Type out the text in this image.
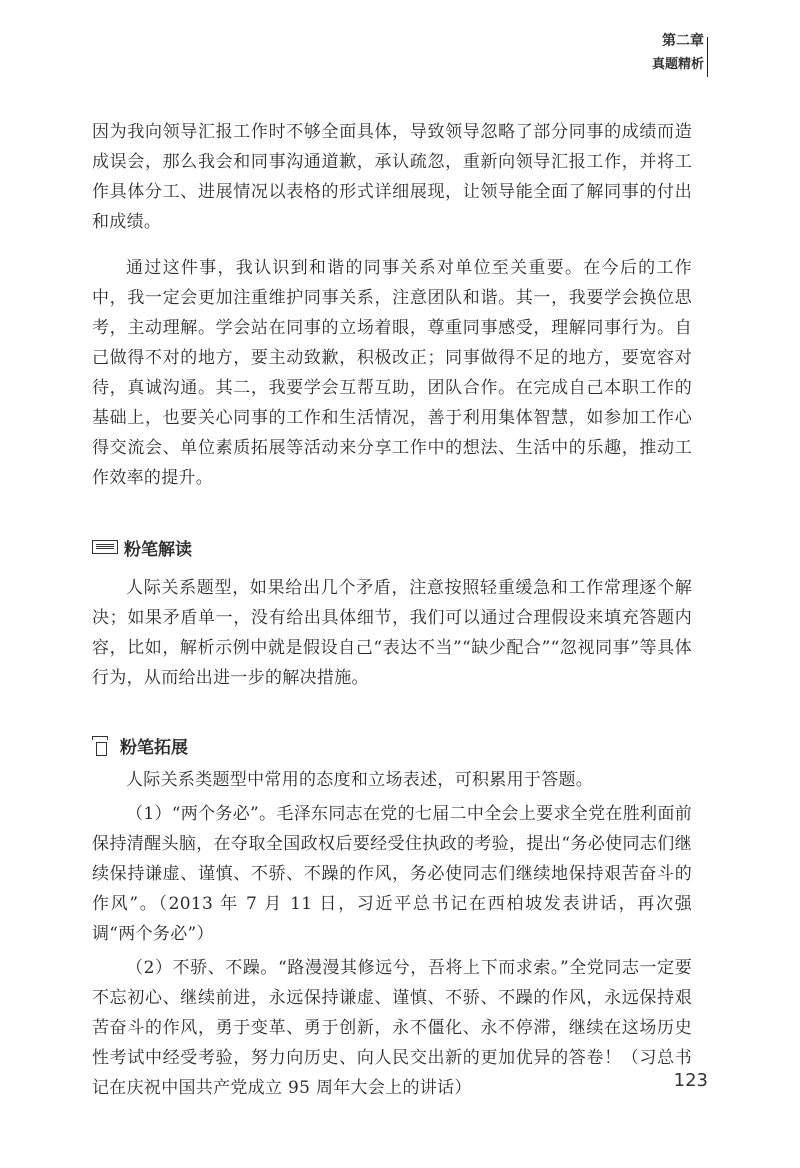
第二章
真题精析

因为我向领导汇报工作时不够全面具体，导致领导忽略了部分同事的成绩而造成误会，那么我会和同事沟通道歉，承认疏忽，重新向领导汇报工作，并将工作具体分工、进展情况以表格的形式详细展现，让领导能全面了解同事的付出和成绩。

通过这件事，我认识到和谐的同事关系对单位至关重要。在今后的工作中，我一定会更加注重维护同事关系，注意团队和谐。其一，我要学会换位思考，主动理解。学会站在同事的立场着眼，尊重同事感受，理解同事行为。自己做得不对的地方，要主动致歉，积极改正；同事做得不足的地方，要宽容对待，真诚沟通。其二，我要学会互帮互助，团队合作。在完成自己本职工作的基础上，也要关心同事的工作和生活情况，善于利用集体智慧，如参加工作心得交流会、单位素质拓展等活动来分享工作中的想法、生活中的乐趣，推动工作效率的提升。

粉笔解读

人际关系题型，如果给出几个矛盾，注意按照轻重缓急和工作常理逐个解决；如果矛盾单一，没有给出具体细节，我们可以通过合理假设来填充答题内容，比如，解析示例中就是假设自己“表达不当”“缺少配合”“忽视同事”等具体行为，从而给出进一步的解决措施。

粉笔拓展

人际关系类题型中常用的态度和立场表述，可积累用于答题。

（1）“两个务必”。毛泽东同志在党的七届二中全会上要求全党在胜利面前保持清醒头脑，在夺取全国政权后要经受住执政的考验，提出“务必使同志们继续保持谦虚、谨慎、不骄、不躁的作风，务必使同志们继续地保持艰苦奋斗的作风”。（2013 年 7 月 11 日，习近平总书记在西柏坡发表讲话，再次强调“两个务必”）

（2）不骄、不躁。“路漫漫其修远兮，吾将上下而求索。”全党同志一定要不忘初心、继续前进，永远保持谦虚、谨慎、不骄、不躁的作风，永远保持艰苦奋斗的作风，勇于变革、勇于创新，永不僵化、永不停滞，继续在这场历史性考试中经受考验，努力向历史、向人民交出新的更加优异的答卷！（习总书记在庆祝中国共产党成立 95 周年大会上的讲话）	123
